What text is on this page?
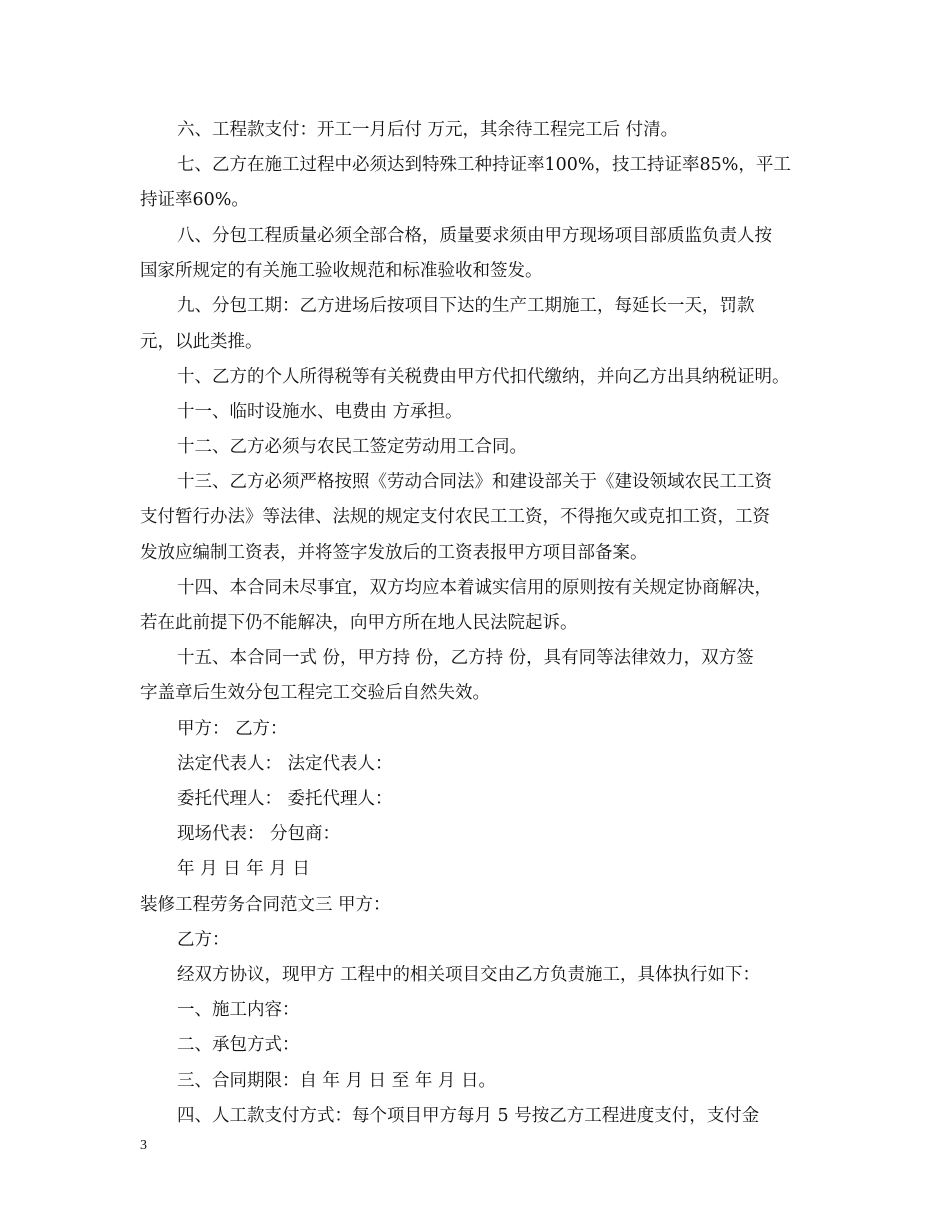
六、工程款支付：开工一月后付 万元，其余待工程完工后 付清。

七、乙方在施工过程中必须达到特殊工种持证率100%，技工持证率85%，平工

持证率60%。

八、分包工程质量必须全部合格，质量要求须由甲方现场项目部质监负责人按

国家所规定的有关施工验收规范和标准验收和签发。

九、分包工期：乙方进场后按项目下达的生产工期施工，每延长一天，罚款

元，以此类推。

十、乙方的个人所得税等有关税费由甲方代扣代缴纳，并向乙方出具纳税证明。

十一、临时设施水、电费由 方承担。

十二、乙方必须与农民工签定劳动用工合同。

十三、乙方必须严格按照《劳动合同法》和建设部关于《建设领域农民工工资

支付暂行办法》等法律、法规的规定支付农民工工资，不得拖欠或克扣工资，工资

发放应编制工资表，并将签字发放后的工资表报甲方项目部备案。

十四、本合同未尽事宜，双方均应本着诚实信用的原则按有关规定协商解决，

若在此前提下仍不能解决，向甲方所在地人民法院起诉。

十五、本合同一式 份，甲方持 份，乙方持 份，具有同等法律效力，双方签

字盖章后生效分包工程完工交验后自然失效。

甲方： 乙方：

法定代表人： 法定代表人：

委托代理人： 委托代理人：

现场代表： 分包商：

年 月 日 年 月 日

装修工程劳务合同范文三 甲方：

乙方：

经双方协议，现甲方 工程中的相关项目交由乙方负责施工，具体执行如下：

一、施工内容：

二、承包方式：

三、合同期限：自 年 月 日 至 年 月 日。

四、人工款支付方式：每个项目甲方每月 5 号按乙方工程进度支付，支付金

3
